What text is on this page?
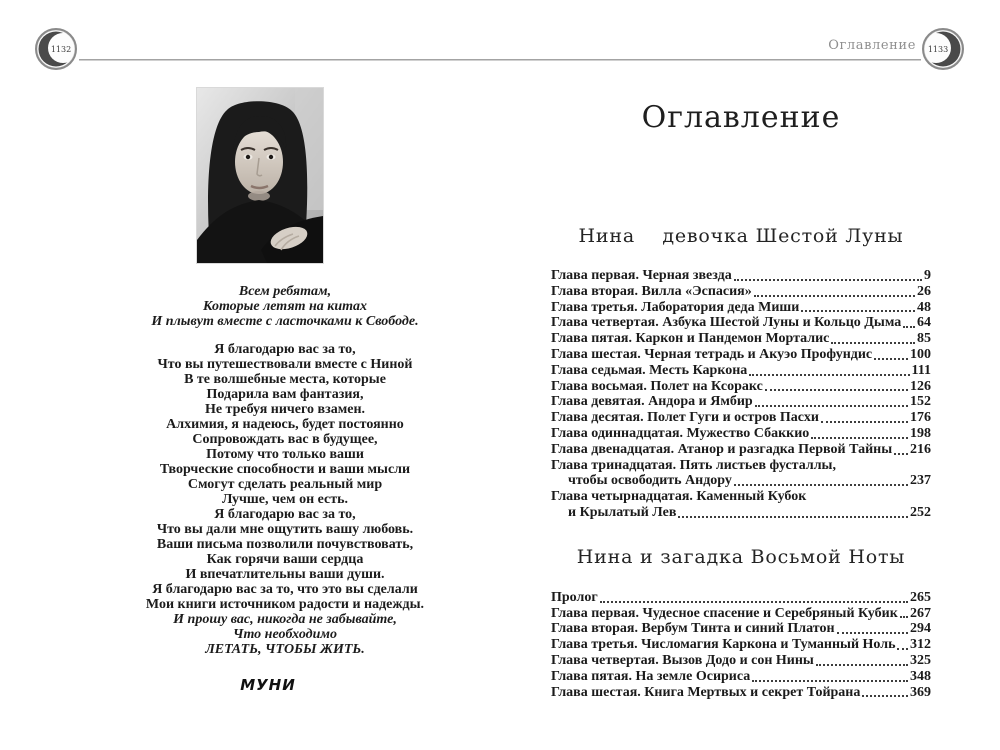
1132	Оглавление 1133
Всем ребятам,
Которые летят на китах
И плывут вместе с ласточками к Свободе.
Я благодарю вас за то,
Что вы путешествовали вместе с Ниной
В те волшебные места, которые
Подарила вам фантазия,
Не требуя ничего взамен.
Алхимия, я надеюсь, будет постоянно
Сопровождать вас в будущее,
Потому что только ваши
Творческие способности и ваши мысли
Смогут сделать реальный мир
Лучше, чем он есть.
Я благодарю вас за то,
Что вы дали мне ощутить вашу любовь.
Ваши письма позволили почувствовать,
Как горячи ваши сердца
И впечатлительны ваши души.
Я благодарю вас за то, что это вы сделали
Мои книги источником радости и надежды.
И прошу вас, никогда не забывайте,
Что необходимо
ЛЕТАТЬ, ЧТОБЫ ЖИТЬ.
МУНИ
Оглавление
Нина    девочка Шестой Луны
Глава первая. Черная звезда	9
Глава вторая. Вилла «Эспасия»	26
Глава третья. Лаборатория деда Миши	48
Глава четвертая. Азбука Шестой Луны и Кольцо Дыма 64
Глава пятая. Каркон и Пандемон Морталис	85
Глава шестая. Черная тетрадь и Акуэо Профундис	100
Глава седьмая. Месть Каркона	111
Глава восьмая. Полет на Ксоракс	126
Глава девятая. Андора и Ямбир	152
Глава десятая. Полет Гуги и остров Пасхи	176
Глава одиннадцатая. Мужество Сбаккио	198
Глава двенадцатая. Атанор и разгадка Первой Тайны 216
Глава тринадцатая. Пять листьев фусталлы,
чтобы освободить Андору	237
Глава четырнадцатая. Каменный Кубок
и Крылатый Лев	252
Нина и загадка Восьмой Ноты
Пролог	265
Глава первая. Чудесное спасение и Серебряный Кубик 267
Глава вторая. Вербум Тинта и синий Платон	294
Глава третья. Числомагия Каркона и Туманный Ноль 312
Глава четвертая. Вызов Додо и сон Нины	325
Глава пятая. На земле Осириса	348
Глава шестая. Книга Мертвых и секрет Тойрана	369
